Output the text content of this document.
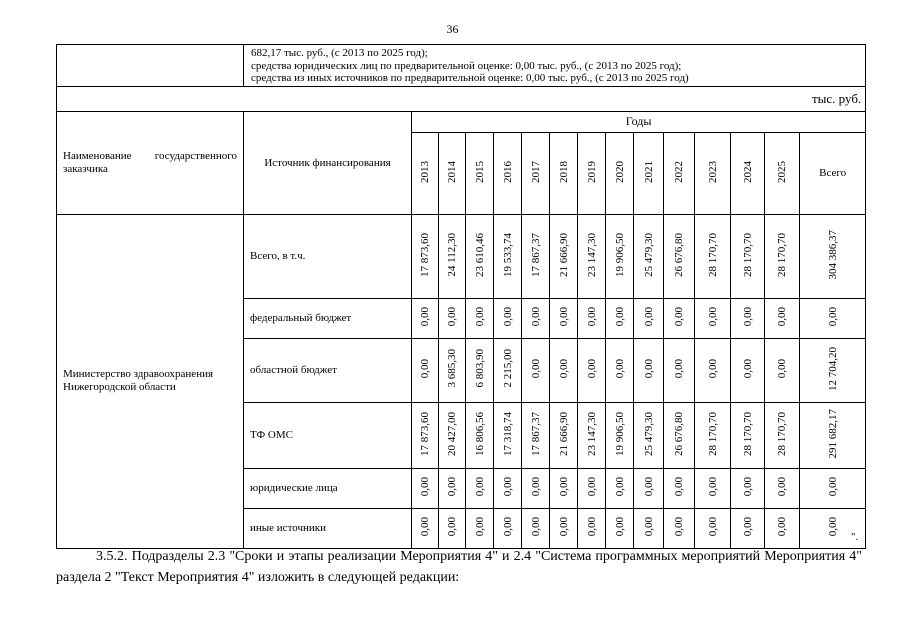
36

	682,17 тыс. руб., (с 2013 по 2025 год);
средства юридических лиц по предварительной оценке: 0,00 тыс. руб., (с 2013 по 2025 год);
средства из иных источников по предварительной оценке: 0,00 тыс. руб., (с 2013 по 2025 год)														

тыс. руб.															
Наименование государственного заказчика	Источник финансирования	Годы													
		2013	2014	2015	2016	2017	2018	2019	2020	2021	2022	2023	2024	2025	Всего
Министерство здравоохранения Нижегородской области	Всего, в т.ч.	17 873,60	24 112,30	23 610,46	19 533,74	17 867,37	21 666,90	23 147,30	19 906,50	25 479,30	26 676,80	28 170,70	28 170,70	28 170,70	304 386,37
	федеральный бюджет	0,00	0,00	0,00	0,00	0,00	0,00	0,00	0,00	0,00	0,00	0,00	0,00	0,00	0,00
	областной бюджет	0,00	3 685,30	6 803,90	2 215,00	0,00	0,00	0,00	0,00	0,00	0,00	0,00	0,00	0,00	12 704,20
	ТФ ОМС	17 873,60	20 427,00	16 806,56	17 318,74	17 867,37	21 666,90	23 147,30	19 906,50	25 479,30	26 676,80	28 170,70	28 170,70	28 170,70	291 682,17
	юридические лица	0,00	0,00	0,00	0,00	0,00	0,00	0,00	0,00	0,00	0,00	0,00	0,00	0,00	0,00
	иные источники	0,00	0,00	0,00	0,00	0,00	0,00	0,00	0,00	0,00	0,00	0,00	0,00	0,00	0,00
".
3.5.2. Подразделы 2.3 "Сроки и этапы реализации Мероприятия 4" и 2.4 "Система программных мероприятий Мероприятия 4" раздела 2 "Текст Мероприятия 4" изложить в следующей редакции:
